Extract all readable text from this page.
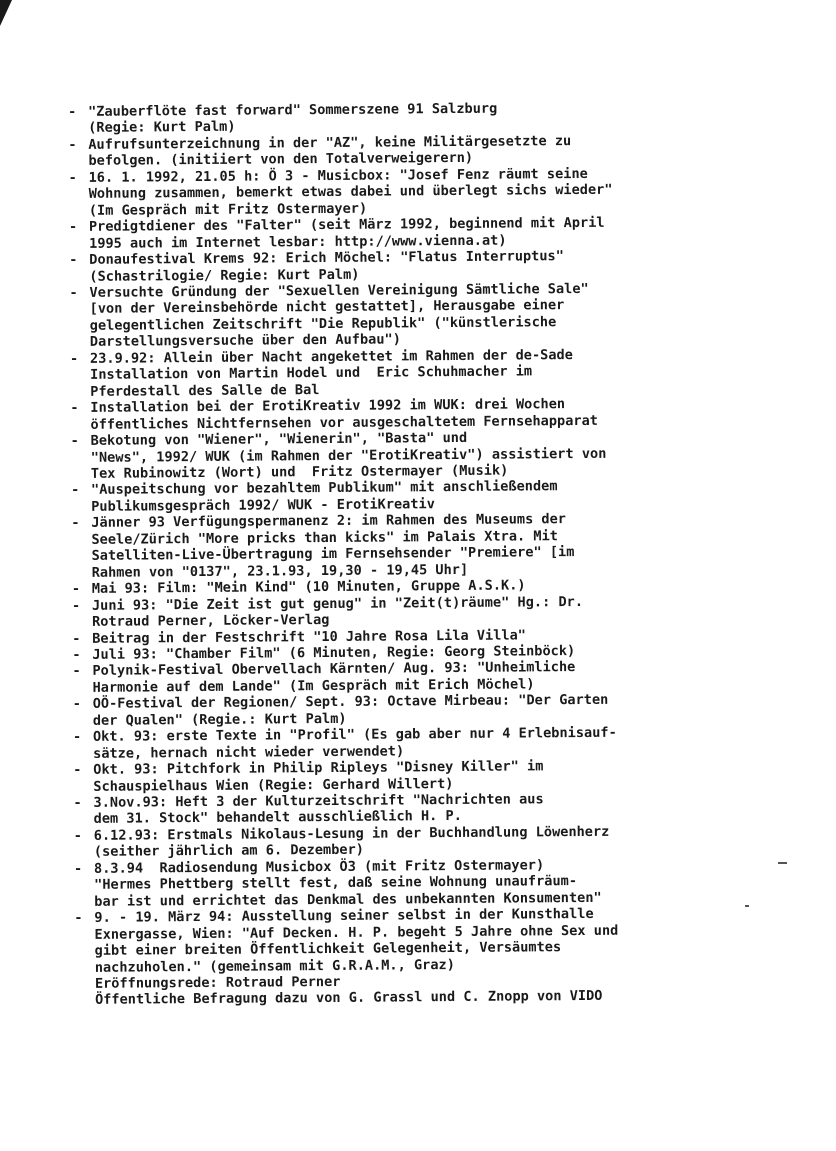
- "Zauberflöte fast forward" Sommerszene 91 Salzburg
(Regie: Kurt Palm)
- Aufrufsunterzeichnung in der "AZ", keine Militärgesetzte zu
befolgen. (initiiert von den Totalverweigerern)
- 16. 1. 1992, 21.05 h: Ö 3 - Musicbox: "Josef Fenz räumt seine
Wohnung zusammen, bemerkt etwas dabei und überlegt sichs wieder"
(Im Gespräch mit Fritz Ostermayer)
- Predigtdiener des "Falter" (seit März 1992, beginnend mit April
1995 auch im Internet lesbar: http://www.vienna.at)
- Donaufestival Krems 92: Erich Möchel: "Flatus Interruptus"
(Schastrilogie/ Regie: Kurt Palm)
- Versuchte Gründung der "Sexuellen Vereinigung Sämtliche Sale"
[von der Vereinsbehörde nicht gestattet], Herausgabe einer
gelegentlichen Zeitschrift "Die Republik" ("künstlerische
Darstellungsversuche über den Aufbau")
- 23.9.92: Allein über Nacht angekettet im Rahmen der de-Sade
Installation von Martin Hodel und  Eric Schuhmacher im
Pferdestall des Salle de Bal
- Installation bei der ErotiKreativ 1992 im WUK: drei Wochen
öffentliches Nichtfernsehen vor ausgeschaltetem Fernsehapparat
- Bekotung von "Wiener", "Wienerin", "Basta" und
"News", 1992/ WUK (im Rahmen der "ErotiKreativ") assistiert von
Tex Rubinowitz (Wort) und  Fritz Ostermayer (Musik)
- "Auspeitschung vor bezahltem Publikum" mit anschließendem
Publikumsgespräch 1992/ WUK - ErotiKreativ
- Jänner 93 Verfügungspermanenz 2: im Rahmen des Museums der
Seele/Zürich "More pricks than kicks" im Palais Xtra. Mit
Satelliten-Live-Übertragung im Fernsehsender "Premiere" [im
Rahmen von "0137", 23.1.93, 19,30 - 19,45 Uhr]
- Mai 93: Film: "Mein Kind" (10 Minuten, Gruppe A.S.K.)
- Juni 93: "Die Zeit ist gut genug" in "Zeit(t)räume" Hg.: Dr.
Rotraud Perner, Löcker-Verlag
- Beitrag in der Festschrift "10 Jahre Rosa Lila Villa"
- Juli 93: "Chamber Film" (6 Minuten, Regie: Georg Steinböck)
- Polynik-Festival Obervellach Kärnten/ Aug. 93: "Unheimliche
Harmonie auf dem Lande" (Im Gespräch mit Erich Möchel)
- OÖ-Festival der Regionen/ Sept. 93: Octave Mirbeau: "Der Garten
der Qualen" (Regie.: Kurt Palm)
- Okt. 93: erste Texte in "Profil" (Es gab aber nur 4 Erlebnisauf-
sätze, hernach nicht wieder verwendet)
- Okt. 93: Pitchfork in Philip Ripleys "Disney Killer" im
Schauspielhaus Wien (Regie: Gerhard Willert)
- 3.Nov.93: Heft 3 der Kulturzeitschrift "Nachrichten aus
dem 31. Stock" behandelt ausschließlich H. P.
- 6.12.93: Erstmals Nikolaus-Lesung in der Buchhandlung Löwenherz
(seither jährlich am 6. Dezember)
- 8.3.94  Radiosendung Musicbox Ö3 (mit Fritz Ostermayer)
"Hermes Phettberg stellt fest, daß seine Wohnung unaufräum-
bar ist und errichtet das Denkmal des unbekannten Konsumenten"
- 9. - 19. März 94: Ausstellung seiner selbst in der Kunsthalle
Exnergasse, Wien: "Auf Decken. H. P. begeht 5 Jahre ohne Sex und
gibt einer breiten Öffentlichkeit Gelegenheit, Versäumtes
nachzuholen." (gemeinsam mit G.R.A.M., Graz)
Eröffnungsrede: Rotraud Perner
Öffentliche Befragung dazu von G. Grassl und C. Znopp von VIDO
